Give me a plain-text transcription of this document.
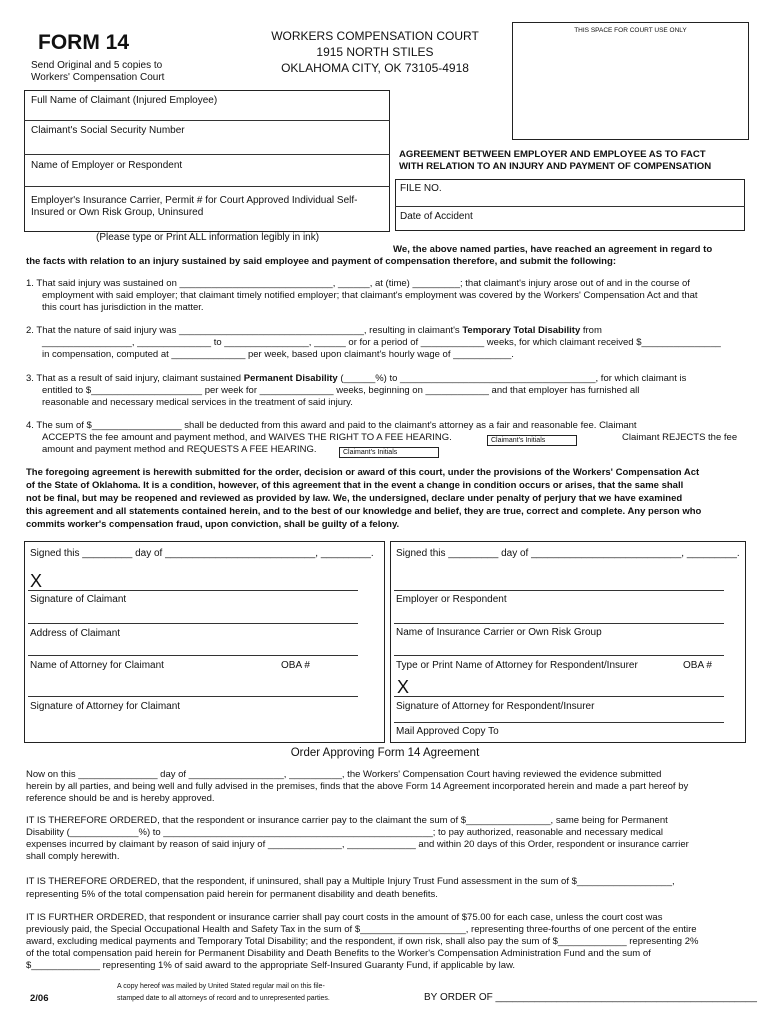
FORM 14
Send Original and 5 copies to
Workers' Compensation Court
WORKERS COMPENSATION COURT
1915 NORTH STILES
OKLAHOMA CITY, OK 73105-4918
THIS SPACE FOR COURT USE ONLY
Full Name of Claimant (Injured Employee)
Claimant's Social Security Number
Name of Employer or Respondent
Employer's Insurance Carrier, Permit # for Court Approved Individual Self-
Insured or Own Risk Group, Uninsured
(Please type or Print ALL information legibly in ink)
AGREEMENT BETWEEN EMPLOYER AND EMPLOYEE AS TO FACT
WITH RELATION TO AN INJURY AND PAYMENT OF COMPENSATION
FILE NO.
Date of Accident
We, the above named parties, have reached an agreement in regard to
the facts with relation to an injury sustained by said employee and payment of compensation therefore, and submit the following:
1. That said injury was sustained on _____________________________, ______, at (time) _________; that claimant's injury arose out of and in the course of
employment with said employer; that claimant timely notified employer; that claimant's employment was covered by the Workers' Compensation Act and that
this court has jurisdiction in the matter.
2. That the nature of said injury was ___________________________________, resulting in claimant's Temporary Total Disability from
_________________, ______________ to ________________, ______ or for a period of ____________ weeks, for which claimant received $_______________
in compensation, computed at ______________ per week, based upon claimant's hourly wage of ___________.
3. That as a result of said injury, claimant sustained Permanent Disability (______%) to _____________________________________, for which claimant is
entitled to $_____________________ per week for ______________ weeks, beginning on ____________ and that employer has furnished all
reasonable and necessary medical services in the treatment of said injury.
4. The sum of $_________________ shall be deducted from this award and paid to the claimant's attorney as a fair and reasonable fee. Claimant
ACCEPTS the fee amount and payment method, and WAIVES THE RIGHT TO A FEE HEARING.	Claimant's Initials	Claimant REJECTS the fee
amount and payment method and REQUESTS A FEE HEARING.	Claimant's Initials
The foregoing agreement is herewith submitted for the order, decision or award of this court, under the provisions of the Workers' Compensation Act
of the State of Oklahoma. It is a condition, however, of this agreement that in the event a change in condition occurs or arises, that the same shall
not be final, but may be reopened and reviewed as provided by law. We, the undersigned, declare under penalty of perjury that we have examined
this agreement and all statements contained herein, and to the best of our knowledge and belief, they are true, correct and complete. Any person who
commits worker's compensation fraud, upon conviction, shall be guilty of a felony.
Signed this _________ day of ___________________________, _________. Signed this _________ day of ___________________________, _________.
X
Signature of Claimant	Employer or Respondent
Address of Claimant	Name of Insurance Carrier or Own Risk Group
Name of Attorney for Claimant	OBA #	Type or Print Name of Attorney for Respondent/Insurer	OBA #
X
Signature of Attorney for Claimant	Signature of Attorney for Respondent/Insurer
Mail Approved Copy To
Order Approving Form 14 Agreement
Now on this _______________ day of __________________, __________, the Workers' Compensation Court having reviewed the evidence submitted
herein by all parties, and being well and fully advised in the premises, finds that the above Form 14 Agreement incorporated herein and made a part hereof by
reference should be and is hereby approved.
IT IS THEREFORE ORDERED, that the respondent or insurance carrier pay to the claimant the sum of $________________, same being for Permanent
Disability (_____________%) to ___________________________________________________; to pay authorized, reasonable and necessary medical
expenses incurred by claimant by reason of said injury of ______________, _____________ and within 20 days of this Order, respondent or insurance carrier
shall comply herewith.
IT IS THEREFORE ORDERED, that the respondent, if uninsured, shall pay a Multiple Injury Trust Fund assessment in the sum of $__________________,
representing 5% of the total compensation paid herein for permanent disability and death benefits.
IT IS FURTHER ORDERED, that respondent or insurance carrier shall pay court costs in the amount of $75.00 for each case, unless the court cost was
previously paid, the Special Occupational Health and Safety Tax in the sum of $____________________, representing three-fourths of one percent of the entire
award, excluding medical payments and Temporary Total Disability; and the respondent, if own risk, shall also pay the sum of $_____________ representing 2%
of the total compensation paid herein for Permanent Disability and Death Benefits to the Worker's Compensation Administration Fund and the sum of
$_____________ representing 1% of said award to the appropriate Self-Insured Guaranty Fund, if applicable by law.
2/06
A copy hereof was mailed by United Stated regular mail on this file-
stamped date to all attorneys of record and to unrepresented parties.	BY ORDER OF _______________________________________________
